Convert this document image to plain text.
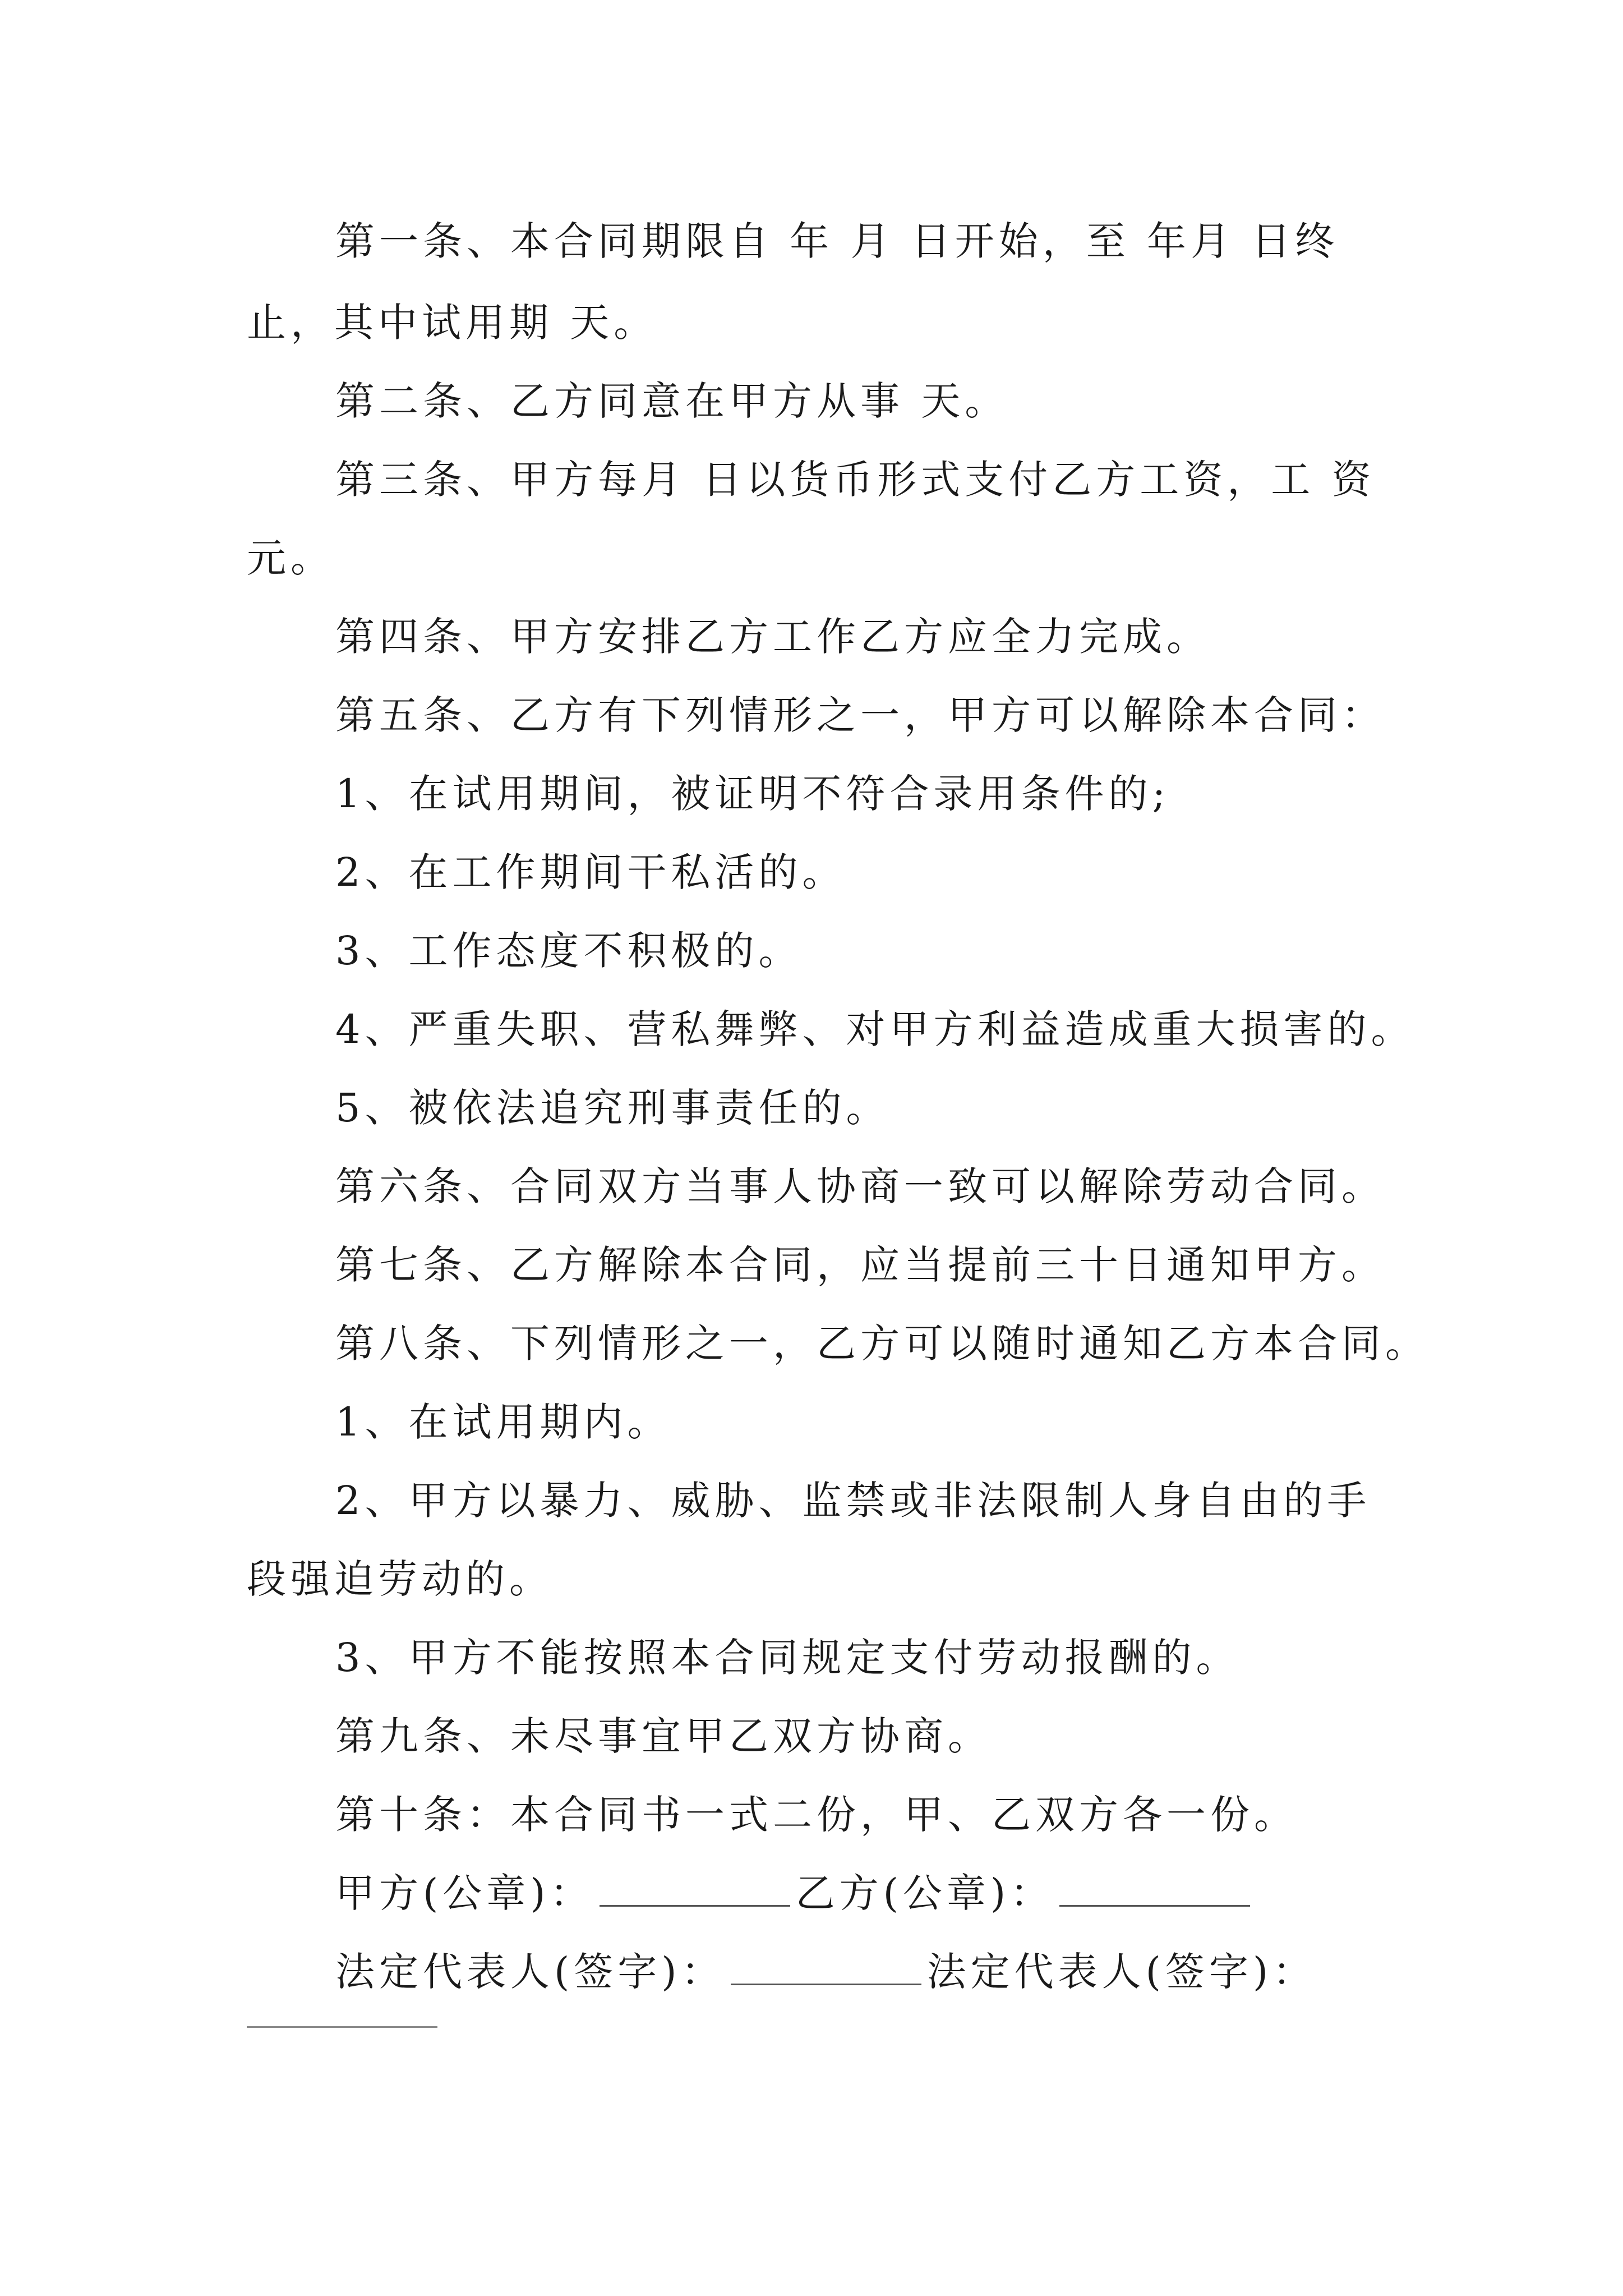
第一条、本合同期限自 年 月 日开始，至 年月 日终
止，其中试用期 天。
第二条、乙方同意在甲方从事 天。
第三条、甲方每月 日以货币形式支付乙方工资，工 资
元。
第四条、甲方安排乙方工作乙方应全力完成。
第五条、乙方有下列情形之一，甲方可以解除本合同：
1、在试用期间，被证明不符合录用条件的;
2、在工作期间干私活的。
3、工作态度不积极的。
4、严重失职、营私舞弊、对甲方利益造成重大损害的。
5、被依法追究刑事责任的。
第六条、合同双方当事人协商一致可以解除劳动合同。
第七条、乙方解除本合同，应当提前三十日通知甲方。
第八条、下列情形之一，乙方可以随时通知乙方本合同。
1、在试用期内。
2、甲方以暴力、威胁、监禁或非法限制人身自由的手
段强迫劳动的。
3、甲方不能按照本合同规定支付劳动报酬的。
第九条、未尽事宜甲乙双方协商。
第十条：本合同书一式二份，甲、乙双方各一份。
甲方(公章)：	乙方(公章)：
法定代表人(签字)：	法定代表人(签字)：
